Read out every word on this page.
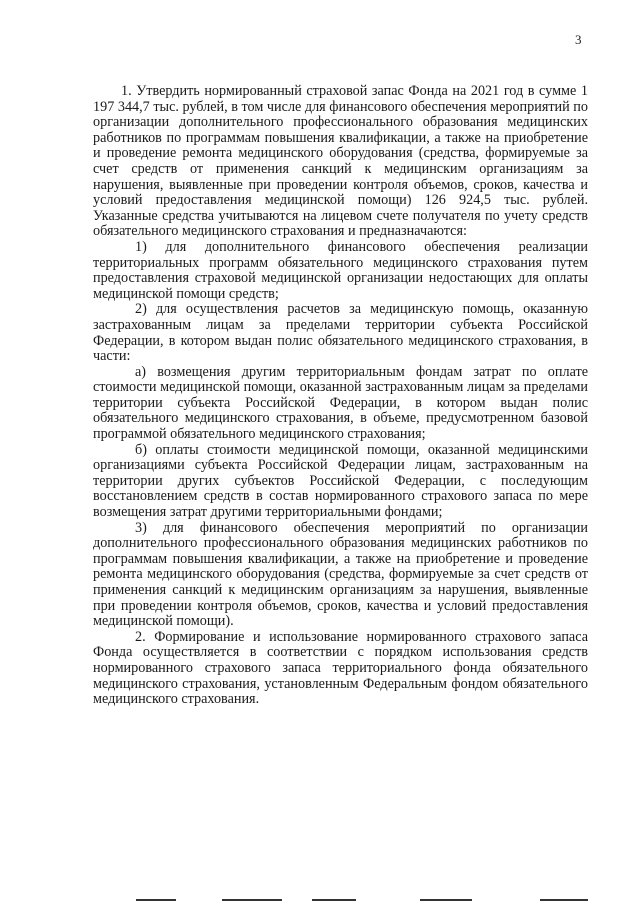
3

1. Утвердить нормированный страховой запас Фонда на 2021 год в сумме 1 197 344,7 тыс. рублей, в том числе для финансового обеспечения мероприятий по организации дополнительного профессионального образования медицинских работников по программам повышения квалификации, а также на приобретение и проведение ремонта медицинского оборудования (средства, формируемые за счет средств от применения санкций к медицинским организациям за нарушения, выявленные при проведении контроля объемов, сроков, качества и условий предоставления медицинской помощи) 126 924,5 тыс. рублей. Указанные средства учитываются на лицевом счете получателя по учету средств обязательного медицинского страхования и предназначаются:

1) для дополнительного финансового обеспечения реализации территориальных программ обязательного медицинского страхования путем предоставления страховой медицинской организации недостающих для оплаты медицинской помощи средств;

2) для осуществления расчетов за медицинскую помощь, оказанную застрахованным лицам за пределами территории субъекта Российской Федерации, в котором выдан полис обязательного медицинского страхования, в части:

а) возмещения другим территориальным фондам затрат по оплате стоимости медицинской помощи, оказанной застрахованным лицам за пределами территории субъекта Российской Федерации, в котором выдан полис обязательного медицинского страхования, в объеме, предусмотренном базовой программой обязательного медицинского страхования;

б) оплаты стоимости медицинской помощи, оказанной медицинскими организациями субъекта Российской Федерации лицам, застрахованным на территории других субъектов Российской Федерации, с последующим восстановлением средств в состав нормированного страхового запаса по мере возмещения затрат другими территориальными фондами;

3) для финансового обеспечения мероприятий по организации дополнительного профессионального образования медицинских работников по программам повышения квалификации, а также на приобретение и проведение ремонта медицинского оборудования (средства, формируемые за счет средств от применения санкций к медицинским организациям за нарушения, выявленные при проведении контроля объемов, сроков, качества и условий предоставления медицинской помощи).

2. Формирование и использование нормированного страхового запаса Фонда осуществляется в соответствии с порядком использования средств нормированного страхового запаса территориального фонда обязательного медицинского страхования, установленным Федеральным фондом обязательного медицинского страхования.
